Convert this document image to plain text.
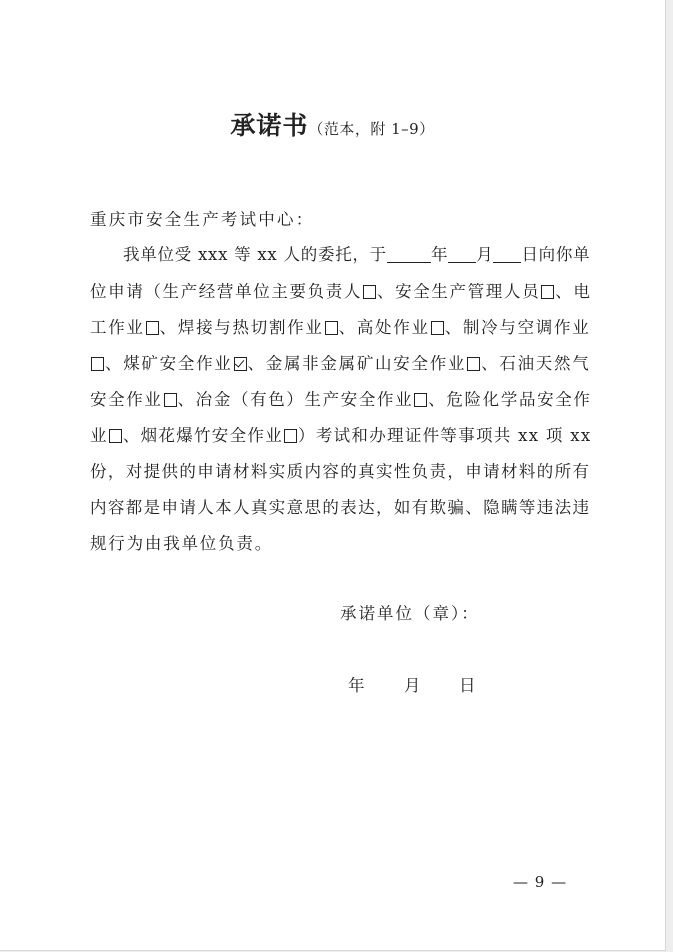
承诺书（范本，附 1–9）
重庆市安全生产考试中心：
我单位受 xxx 等 xx 人的委托，于	年 月 日向你单
位申请（生产经营单位主要负责人 、安全生产管理人员 、电
工作业 、焊接与热切割作业 、高处作业 、制冷与空调作业
、煤矿安全作业 、金属非金属矿山安全作业 、石油天然气
安全作业 、冶金（有色）生产安全作业 、危险化学品安全作
业 、烟花爆竹安全作业 ）考试和办理证件等事项共 xx 项 xx
份，对提供的申请材料实质内容的真实性负责，申请材料的所有
内容都是申请人本人真实意思的表达，如有欺骗、隐瞒等违法违
规行为由我单位负责。
承诺单位（章）：
年 月 日
— 9 —
